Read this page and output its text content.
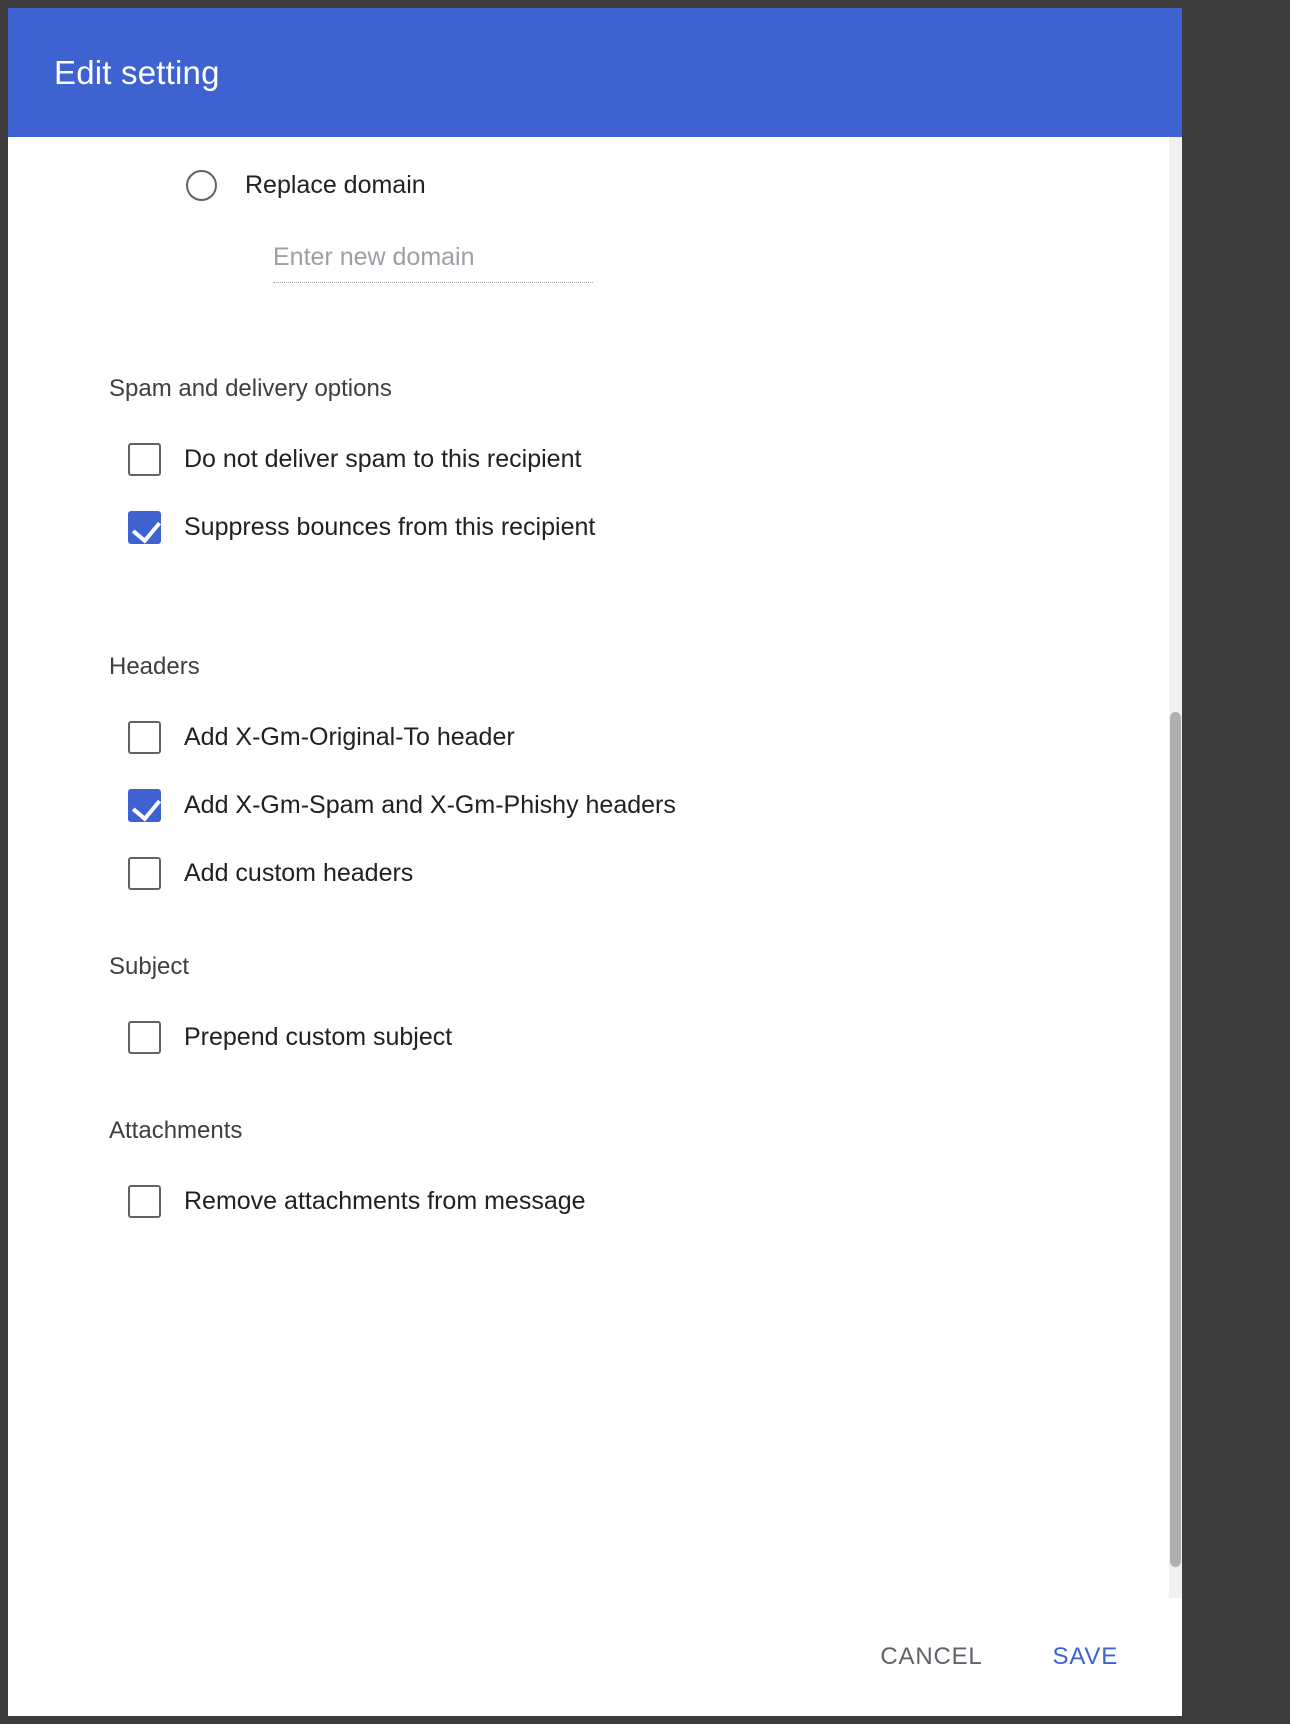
Edit setting
Replace domain
Enter new domain
Spam and delivery options
Do not deliver spam to this recipient
Suppress bounces from this recipient
Headers
Add X-Gm-Original-To header
Add X-Gm-Spam and X-Gm-Phishy headers
Add custom headers
Subject
Prepend custom subject
Attachments
Remove attachments from message
CANCEL	SAVE
